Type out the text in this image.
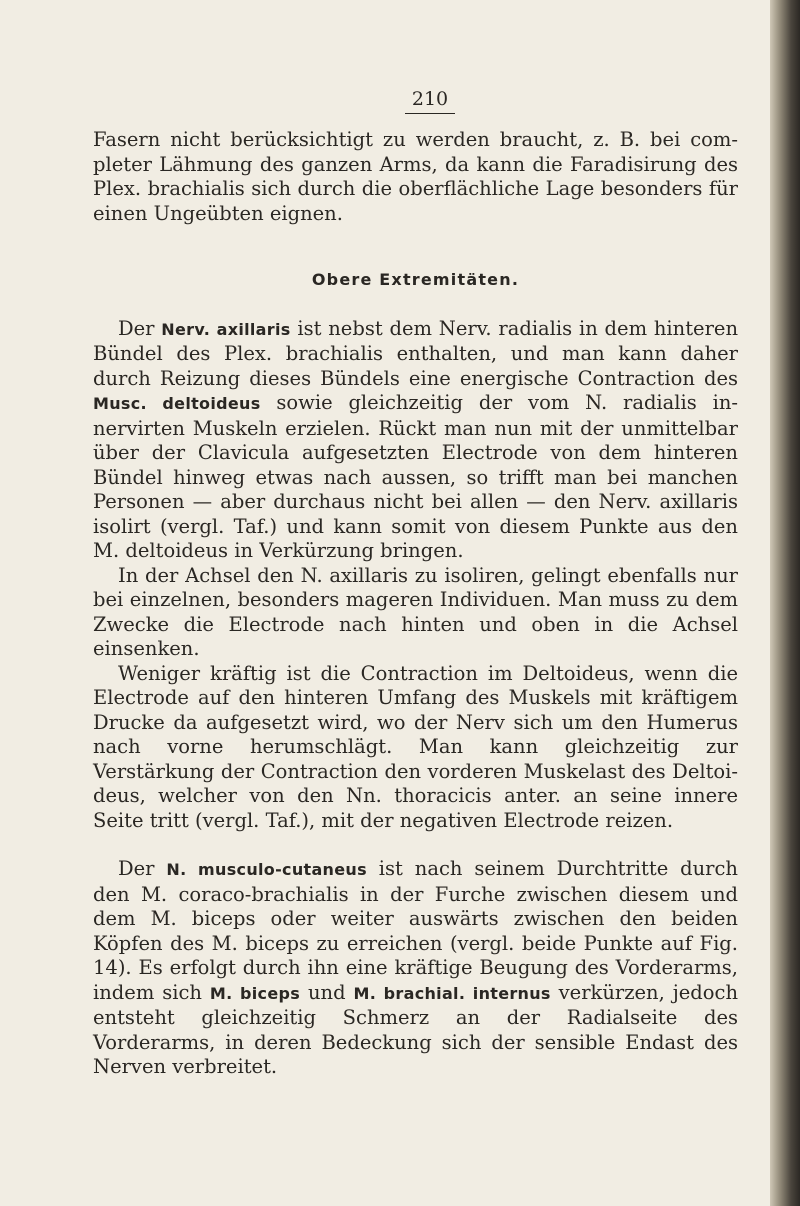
210

Fasern nicht berücksichtigt zu werden braucht, z. B. bei completer Lähmung des ganzen Arms, da kann die Faradisirung des Plex. brachialis sich durch die oberflächliche Lage besonders für einen Ungeübten eignen.

Obere Extremitäten.

Der Nerv. axillaris ist nebst dem Nerv. radialis in dem hinteren Bündel des Plex. brachialis enthalten, und man kann daher durch Reizung dieses Bündels eine energische Contraction des Musc. deltoideus sowie gleichzeitig der vom N. radialis innervirten Muskeln erzielen. Rückt man nun mit der unmittelbar über der Clavicula aufgesetzten Electrode von dem hinteren Bündel hinweg etwas nach aussen, so trifft man bei manchen Personen — aber durchaus nicht bei allen — den Nerv. axillaris isolirt (vergl. Taf.) und kann somit von diesem Punkte aus den M. deltoideus in Verkürzung bringen.

In der Achsel den N. axillaris zu isoliren, gelingt ebenfalls nur bei einzelnen, besonders mageren Individuen. Man muss zu dem Zwecke die Electrode nach hinten und oben in die Achsel einsenken.

Weniger kräftig ist die Contraction im Deltoideus, wenn die Electrode auf den hinteren Umfang des Muskels mit kräftigem Drucke da aufgesetzt wird, wo der Nerv sich um den Humerus nach vorne herumschlägt. Man kann gleichzeitig zur Verstärkung der Contraction den vorderen Muskelast des Deltoideus, welcher von den Nn. thoracicis anter. an seine innere Seite tritt (vergl. Taf.), mit der negativen Electrode reizen.

Der N. musculo-cutaneus ist nach seinem Durchtritte durch den M. coraco-brachialis in der Furche zwischen diesem und dem M. biceps oder weiter auswärts zwischen den beiden Köpfen des M. biceps zu erreichen (vergl. beide Punkte auf Fig. 14). Es erfolgt durch ihn eine kräftige Beugung des Vorderarms, indem sich M. biceps und M. brachial. internus verkürzen, jedoch entsteht gleichzeitig Schmerz an der Radialseite des Vorderarms, in deren Bedeckung sich der sensible Endast des Nerven verbreitet.
